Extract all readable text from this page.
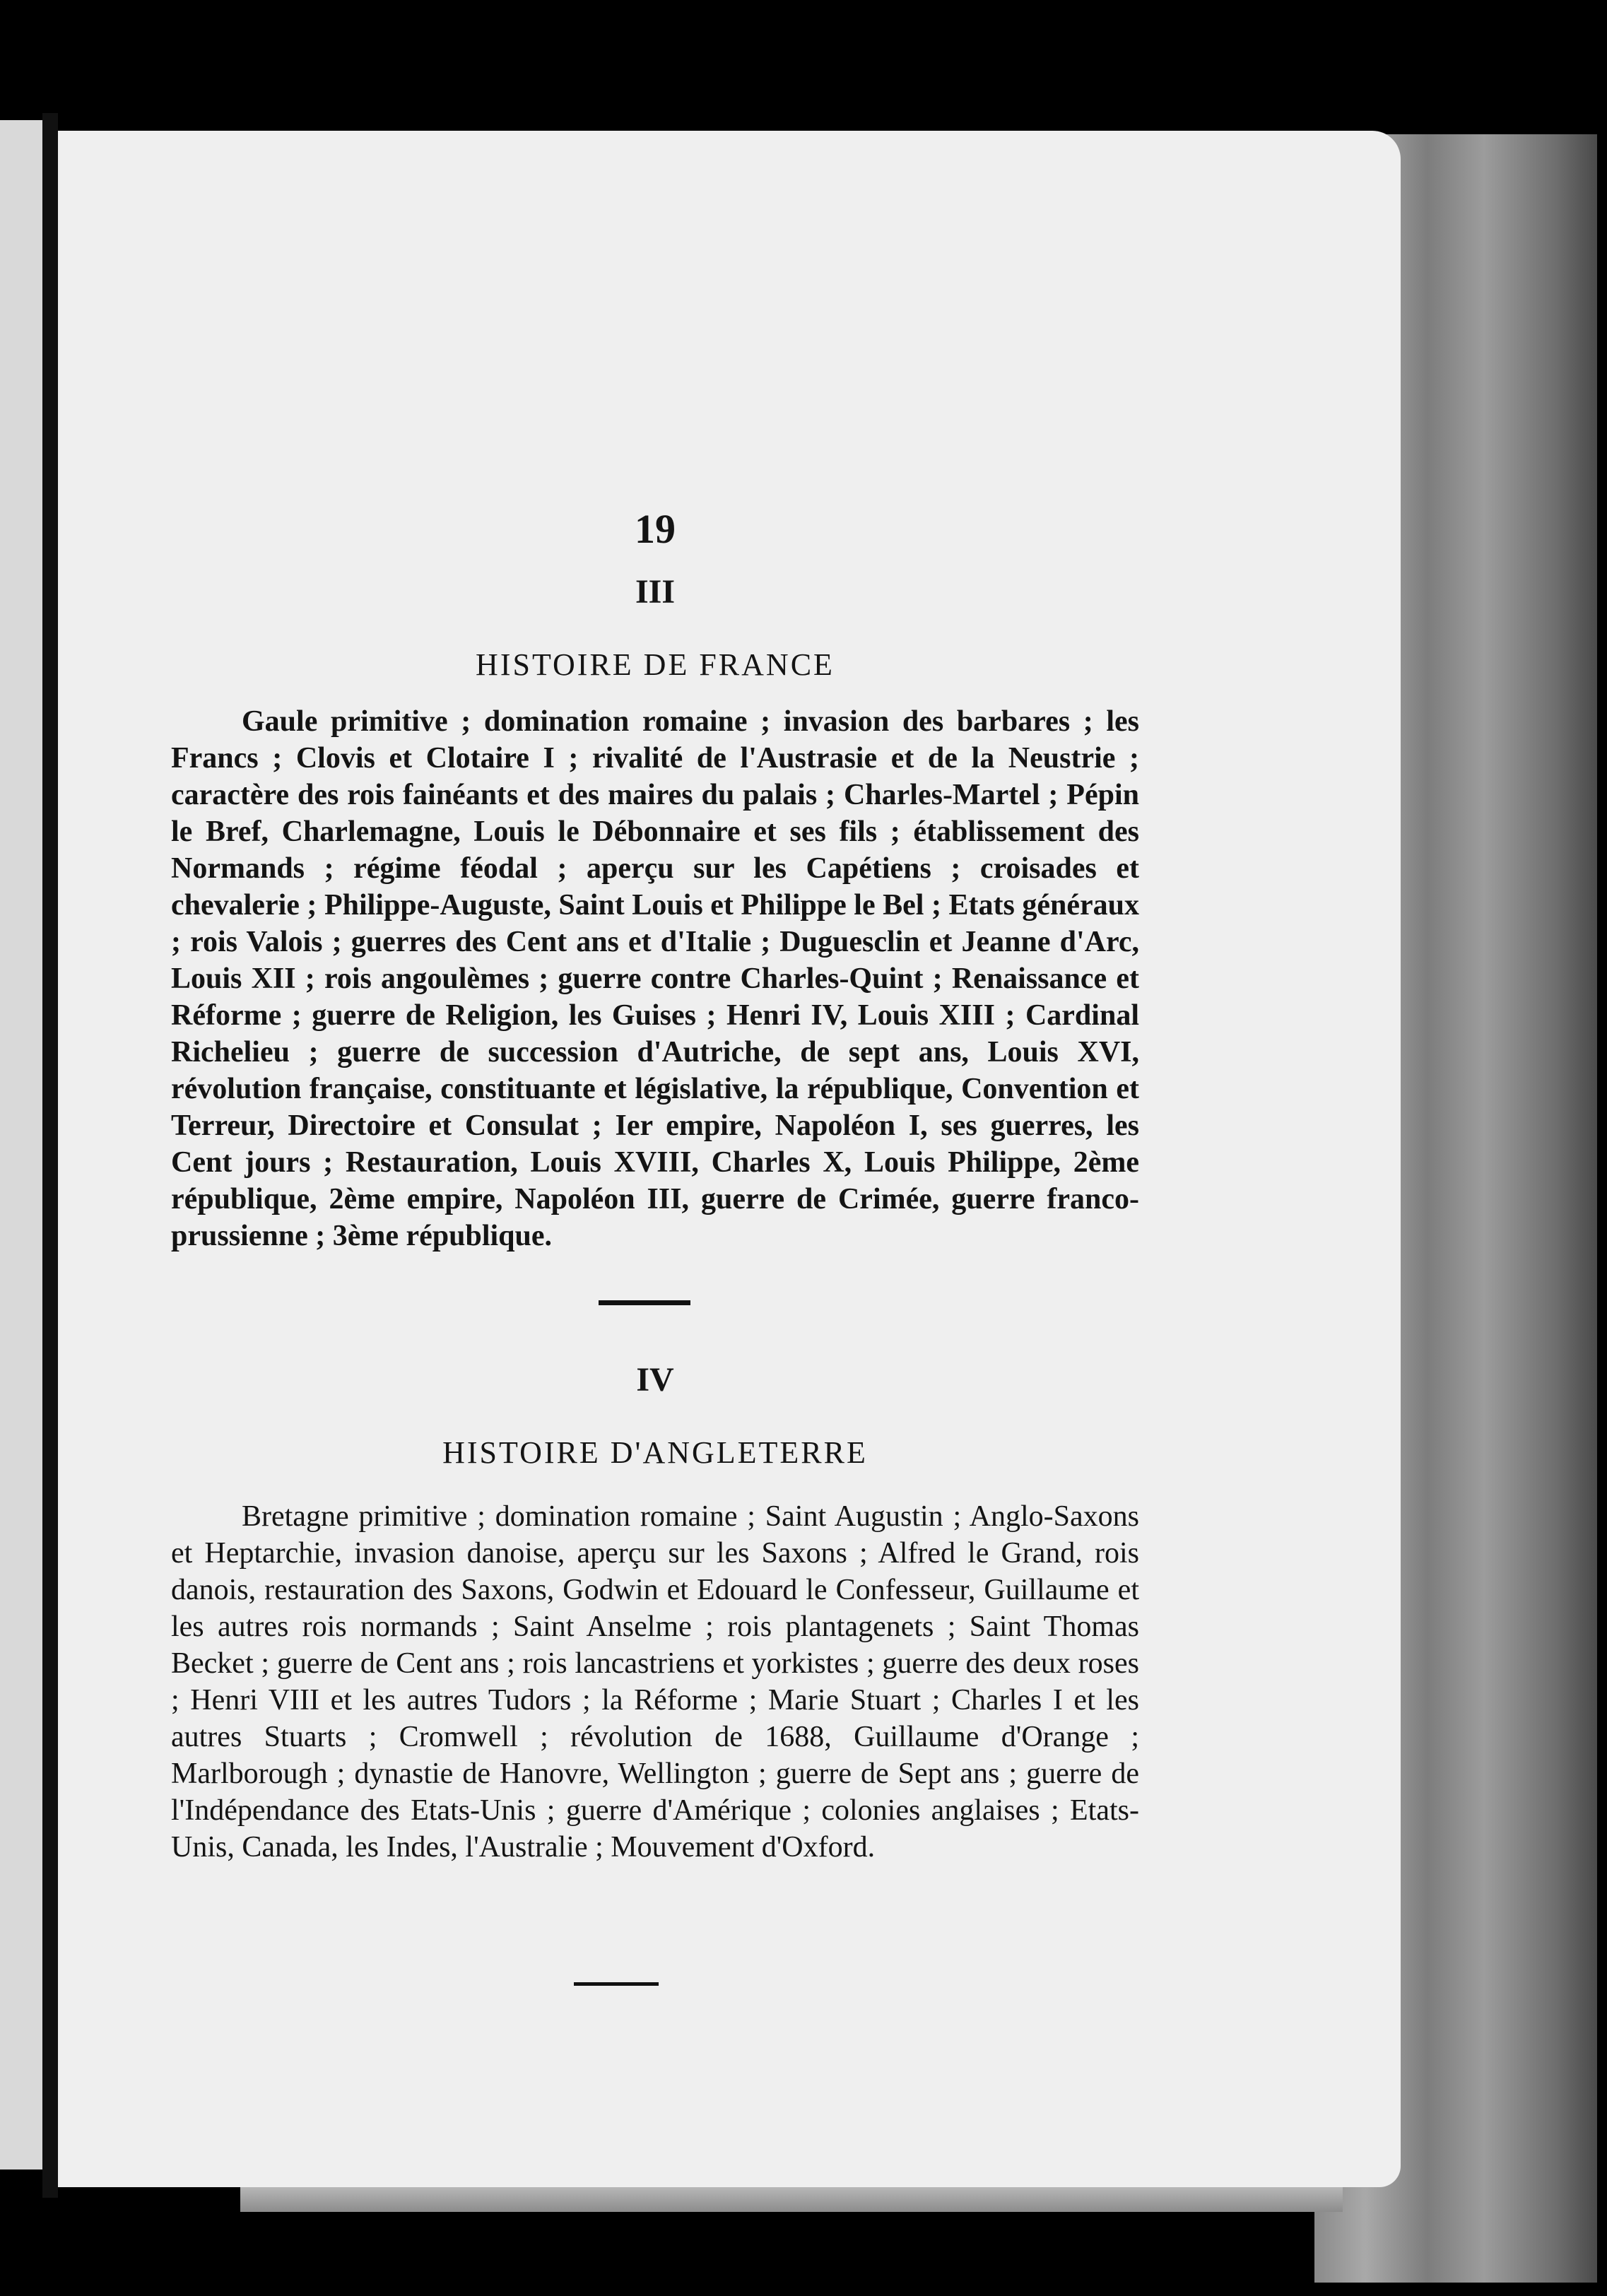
19
III
HISTOIRE DE FRANCE

Gaule primitive ; domination romaine ; invasion des barbares ; les Francs ; Clovis et Clotaire I ; rivalité de l'Austrasie et de la Neustrie ; caractère des rois fainéants et des maires du palais ; Charles-Martel ; Pépin le Bref, Charlemagne, Louis le Débonnaire et ses fils ; établissement des Normands ; régime féodal ; aperçu sur les Capétiens ; croisades et chevalerie ; Philippe-Auguste, Saint Louis et Philippe le Bel ; Etats généraux ; rois Valois ; guerres des Cent ans et d'Italie ; Duguesclin et Jeanne d'Arc, Louis XII ; rois angoulèmes ; guerre contre Charles-Quint ; Renaissance et Réforme ; guerre de Religion, les Guises ; Henri IV, Louis XIII ; Cardinal Richelieu ; guerre de succession d'Autriche, de sept ans, Louis XVI, révolution française, constituante et législative, la république, Convention et Terreur, Directoire et Consulat ; Ier empire, Napoléon I, ses guerres, les Cent jours ; Restauration, Louis XVIII, Charles X, Louis Philippe, 2ème république, 2ème empire, Napoléon III, guerre de Crimée, guerre franco-prussienne ; 3ème république.

IV
HISTOIRE D'ANGLETERRE

Bretagne primitive ; domination romaine ; Saint Augustin ; Anglo-Saxons et Heptarchie, invasion danoise, aperçu sur les Saxons ; Alfred le Grand, rois danois, restauration des Saxons, Godwin et Edouard le Confesseur, Guillaume et les autres rois normands ; Saint Anselme ; rois plantagenets ; Saint Thomas Becket ; guerre de Cent ans ; rois lancastriens et yorkistes ; guerre des deux roses ; Henri VIII et les autres Tudors ; la Réforme ; Marie Stuart ; Charles I et les autres Stuarts ; Cromwell ; révolution de 1688, Guillaume d'Orange ; Marlborough ; dynastie de Hanovre, Wellington ; guerre de Sept ans ; guerre de l'Indépendance des Etats-Unis ; guerre d'Amérique ; colonies anglaises ; Etats-Unis, Canada, les Indes, l'Australie ; Mouvement d'Oxford.
